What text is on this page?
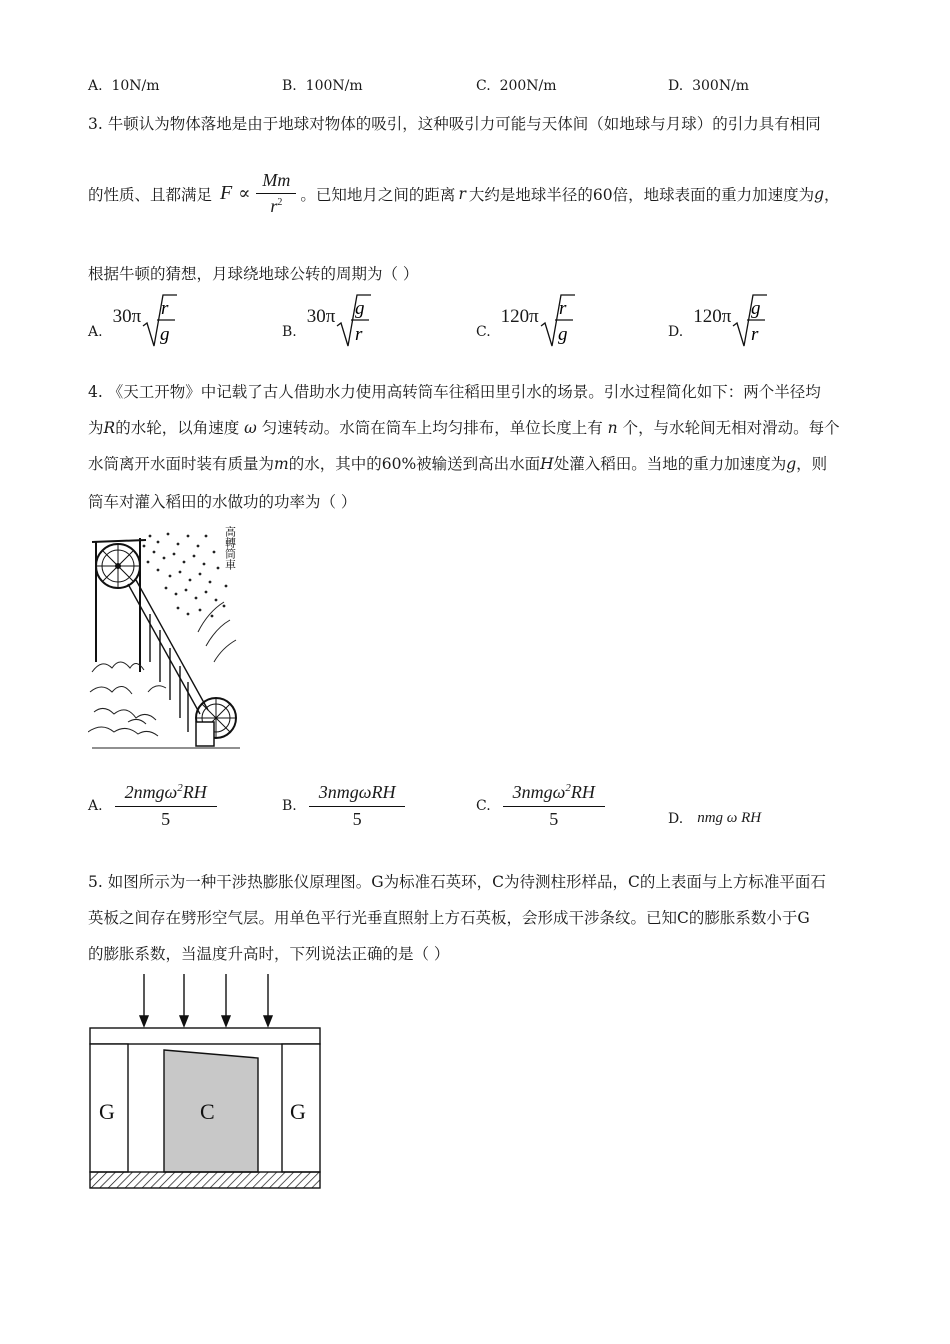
A. 10N/m	B. 100N/m	C. 200N/m	D. 300N/m
3. 牛顿认为物体落地是由于地球对物体的吸引，这种吸引力可能与天体间（如地球与月球）的引力具有相同
的性质、且都满足 $F \propto \frac{Mm}{r^2}$ 。已知地月之间的距离 r 大约是地球半径的60倍，地球表面的重力加速度为 g ，
根据牛顿的猜想，月球绕地球公转的周期为（ ）
A.
30π r
g	B.
30π g
r	C.
120π r
g	D.
120π g
r
4. 《天工开物》中记载了古人借助水力使用高转筒车往稻田里引水的场景。引水过程简化如下：两个半径均
为R的水轮，以角速度 ω 匀速转动。水筒在筒车上均匀排布，单位长度上有 n 个，与水轮间无相对滑动。每个
水筒离开水面时装有质量为m的水，其中的60%被输送到高出水面H处灌入稻田。当地的重力加速度为g，则
筒车对灌入稻田的水做功的功率为（ ）
高轉筒車
A. $\frac{2nmg\omega^2RH}{5}$	B. $\frac{\text{3nmgωRH}}{5}$	C. $\frac{3nmg\omega^2RH}{5}$	D. nmg ω RH
5. 如图所示为一种干涉热膨胀仪原理图。G为标准石英环，C为待测柱形样品，C的上表面与上方标准平面石
英板之间存在劈形空气层。用单色平行光垂直照射上方石英板，会形成干涉条纹。已知C的膨胀系数小于G
的膨胀系数，当温度升高时，下列说法正确的是（ ）
G	C	G
